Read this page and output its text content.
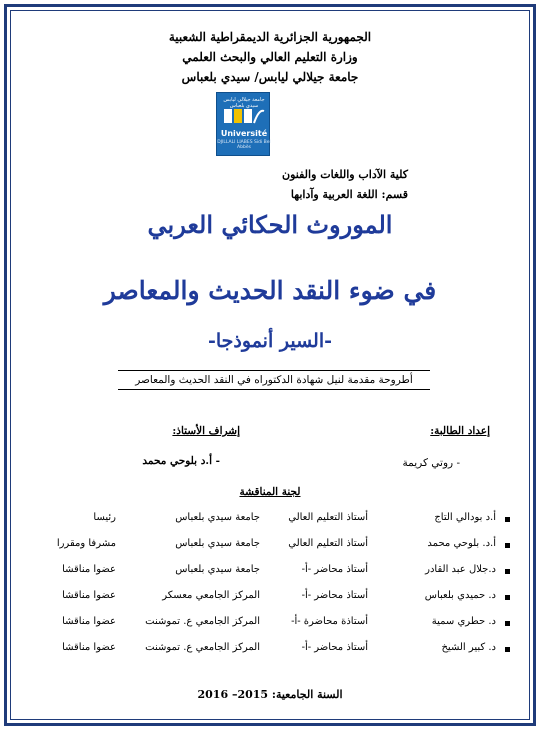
الجمهورية الجزائرية الديمقراطية الشعبية
وزارة التعليم العالي والبحث العلمي
جامعة جيلالي ليابس/ سيدي بلعباس
جامعة جيلالي ليابس سيدي بلعباس
Université
DJILLALI LIABES Sidi Bel Abbès
كلية الآداب واللغات والفنون
قسم: اللغة العربية وآدابها
الموروث الحكائي العربي
في ضوء النقد الحديث والمعاصر
-السير أنموذجا-
أطروحة مقدمة لنيل شهادة الدكتوراه في النقد الحديث والمعاصر
إعداد الطالبة:
- روتي كريمة
إشراف الأستاذ:
- أ.د بلوحي محمد
لجنة المناقشة
أ.د بودالي التاج
أستاذ التعليم العالي
جامعة سيدي بلعباس
رئيسا
أ.د. بلوحي محمد
أستاذ التعليم العالي
جامعة سيدي بلعباس
مشرفا ومقررا
د.جلال عبد القادر
أستاذ محاضر -أ-
جامعة سيدي بلعباس
عضوا مناقشا
د. حميدي بلعباس
أستاذ محاضر -أ-
المركز الجامعي معسكر
عضوا مناقشا
د. حطري سمية
أستاذة محاضرة -أ-
المركز الجامعي ع. تموشنت
عضوا مناقشا
د. كبير الشيخ
أستاذ محاضر -أ-
المركز الجامعي ع. تموشنت
عضوا مناقشا
السنة الجامعية: 2015– 2016
